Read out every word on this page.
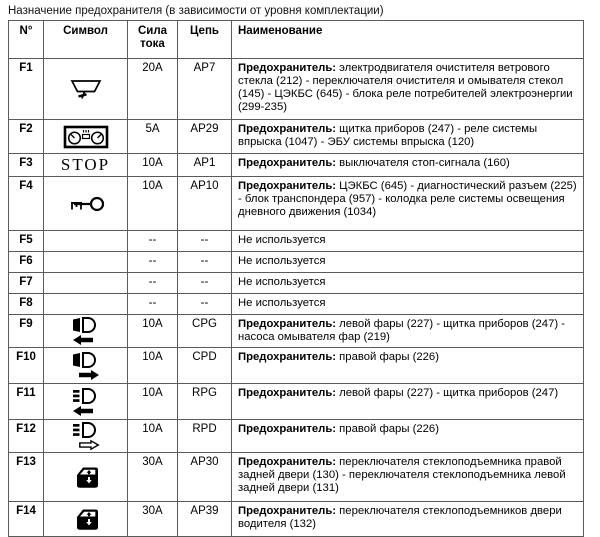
Назначение предохранителя (в зависимости от уровня комплектации)
N°	Символ	Сила тока	Цепь	Наименование
F1		20A	AP7	Предохранитель: электродвигателя очистителя ветрового стекла (212) - переключателя очистителя и омывателя стекол (145) - ЦЭКБС (645) - блока реле потребителей электроэнергии (299-235)
F2		5A	AP29	Предохранитель: щитка приборов (247) - реле системы впрыска (1047) - ЭБУ системы впрыска (120)
F3	STOP	10A	AP1	Предохранитель: выключателя стоп-сигнала (160)
F4		10A	AP10	Предохранитель: ЦЭКБС (645) - диагностический разъем (225) - блок транспондера (957) - колодка реле системы освещения дневного движения (1034)
F5		--	--	Не используется
F6		--	--	Не используется
F7		--	--	Не используется
F8		--	--	Не используется
F9		10A	CPG	Предохранитель: левой фары (227) - щитка приборов (247) - насоса омывателя фар (219)
F10		10A	CPD	Предохранитель: правой фары (226)
F11		10A	RPG	Предохранитель: левой фары (227) - щитка приборов (247)
F12		10A	RPD	Предохранитель: правой фары (226)
F13		30A	AP30	Предохранитель: переключателя стеклоподъемника правой задней двери (130) - переключателя стеклоподъемника левой задней двери (131)
F14		30A	AP39	Предохранитель: переключателя стеклоподъемников двери водителя (132)
